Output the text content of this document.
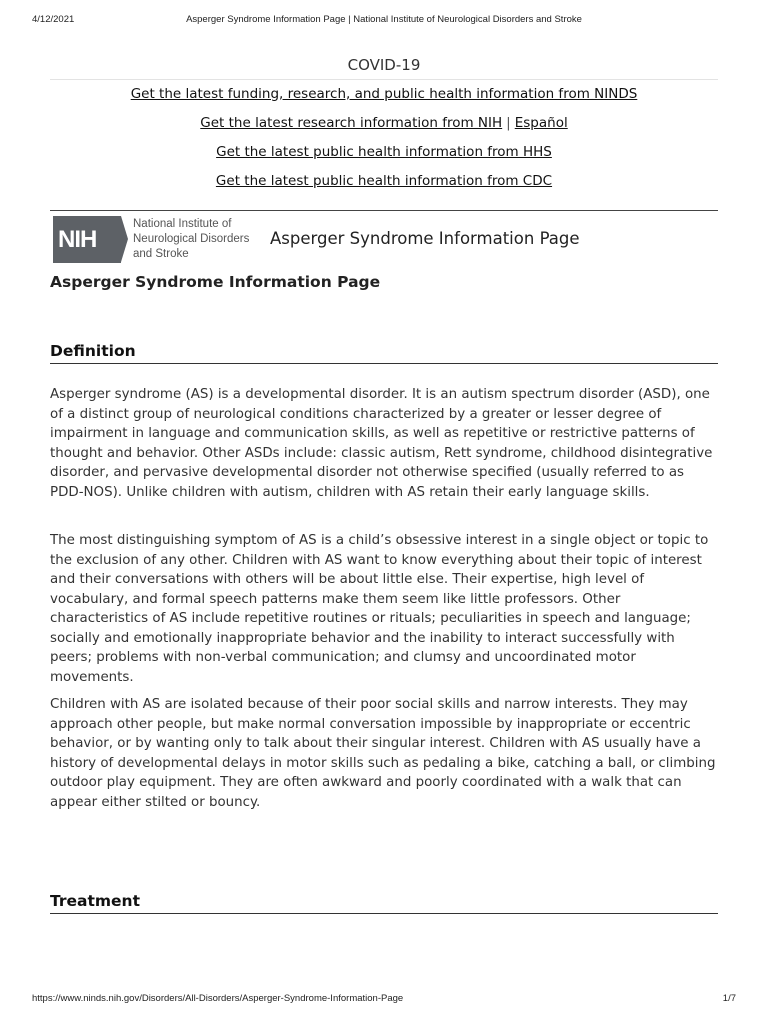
4/12/2021	Asperger Syndrome Information Page | National Institute of Neurological Disorders and Stroke
COVID-19
Get the latest funding, research, and public health information from NINDS
Get the latest research information from NIH | Español
Get the latest public health information from HHS
Get the latest public health information from CDC
NIH
National Institute of
Neurological Disorders
and Stroke
Asperger Syndrome Information Page
Asperger Syndrome Information Page
Definition

Asperger syndrome (AS) is a developmental disorder. It is an autism spectrum disorder (ASD), one of a distinct group of neurological conditions characterized by a greater or lesser degree of impairment in language and communication skills, as well as repetitive or restrictive patterns of thought and behavior. Other ASDs include: classic autism, Rett syndrome, childhood disintegrative disorder, and pervasive developmental disorder not otherwise specified (usually referred to as PDD-NOS). Unlike children with autism, children with AS retain their early language skills.

The most distinguishing symptom of AS is a child’s obsessive interest in a single object or topic to the exclusion of any other. Children with AS want to know everything about their topic of interest and their conversations with others will be about little else. Their expertise, high level of vocabulary, and formal speech patterns make them seem like little professors. Other characteristics of AS include repetitive routines or rituals; peculiarities in speech and language; socially and emotionally inappropriate behavior and the inability to interact successfully with peers; problems with non-verbal communication; and clumsy and uncoordinated motor movements.

Children with AS are isolated because of their poor social skills and narrow interests. They may approach other people, but make normal conversation impossible by inappropriate or eccentric behavior, or by wanting only to talk about their singular interest. Children with AS usually have a history of developmental delays in motor skills such as pedaling a bike, catching a ball, or climbing outdoor play equipment. They are often awkward and poorly coordinated with a walk that can appear either stilted or bouncy.

Treatment
https://www.ninds.nih.gov/Disorders/All-Disorders/Asperger-Syndrome-Information-Page	1/7
